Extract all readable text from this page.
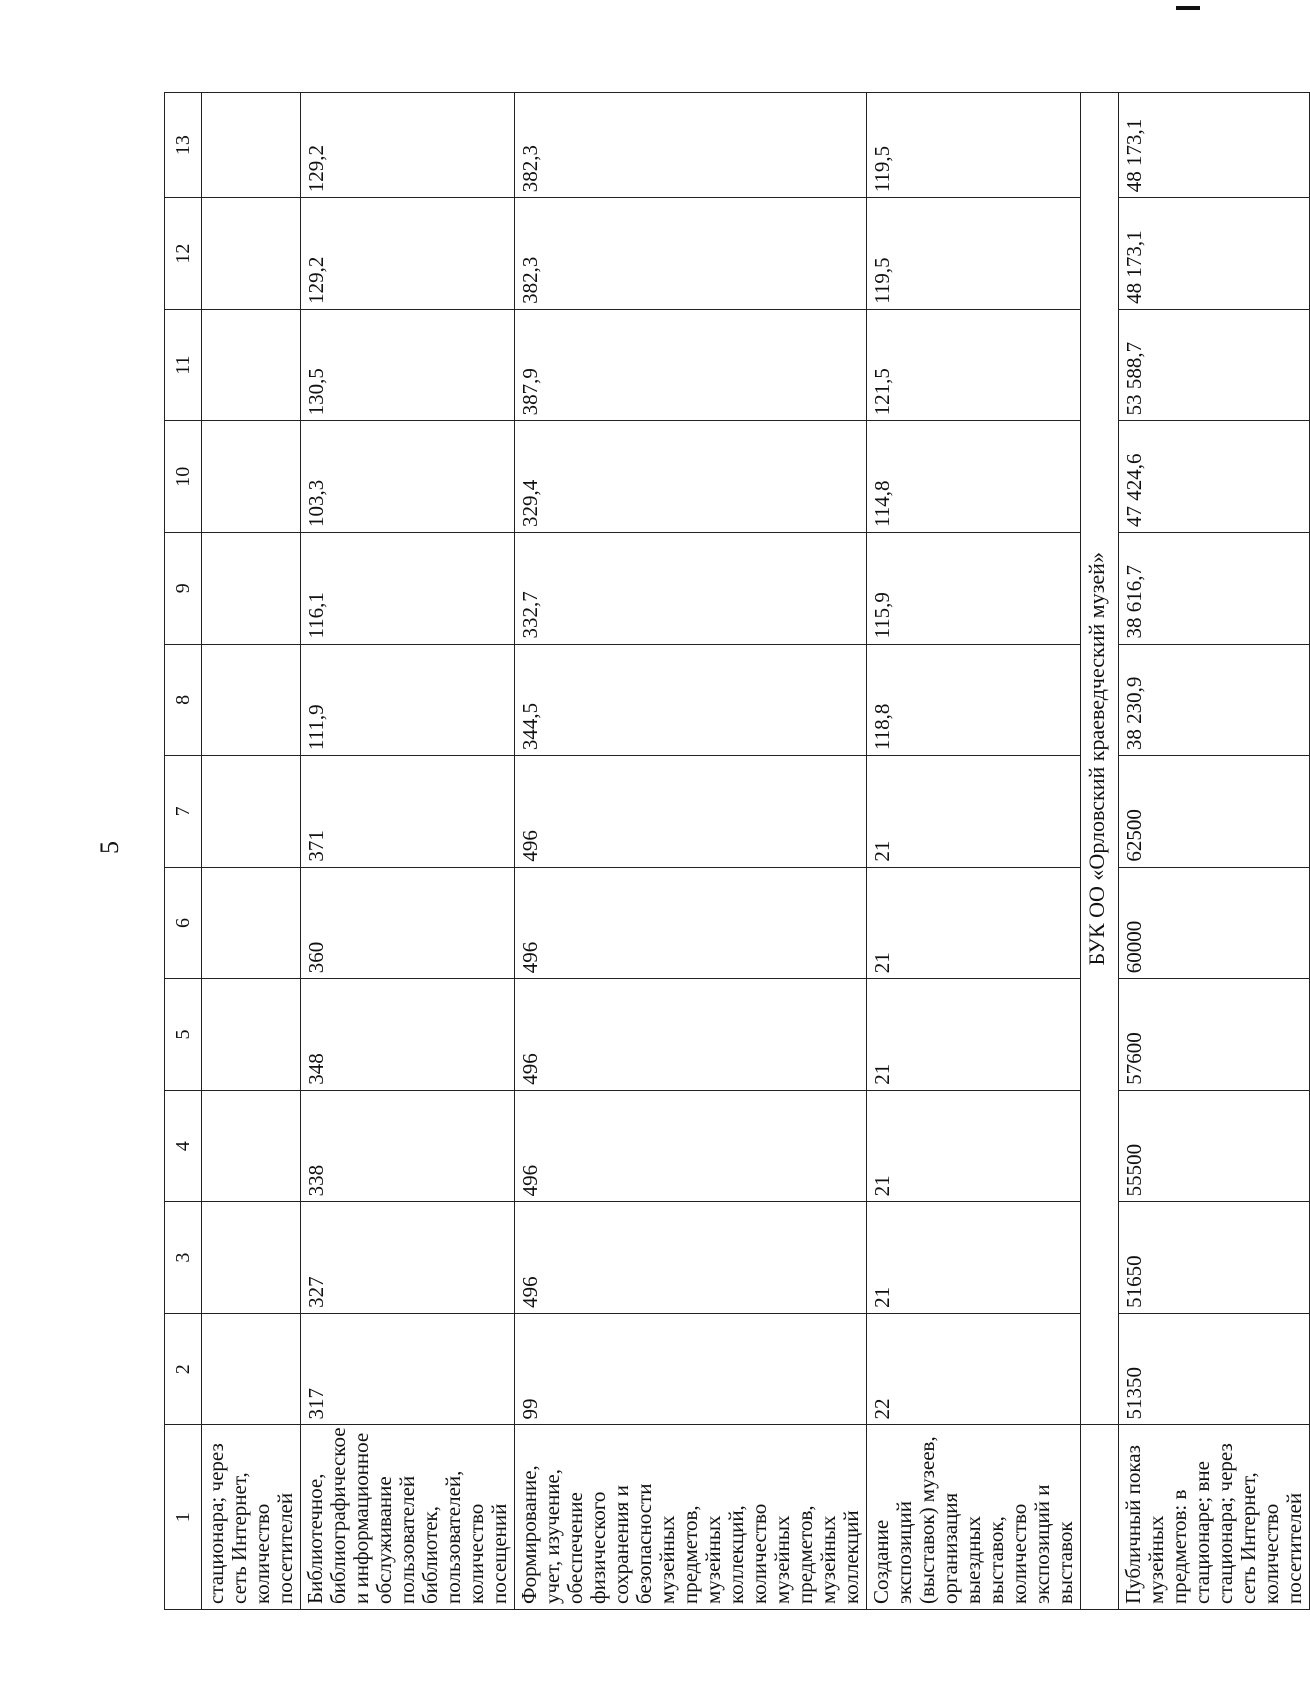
5
1	2	3	4	5	6	7	8	9	10	11	12	13
стационара; через сеть Интернет, количество посетителей												
Библиотечное, библиографическое и информационное обслуживание пользователей библиотек, пользователей, количество посещений	317	327	338	348	360	371	111,9	116,1	103,3	130,5	129,2	129,2
Формирование, учет, изучение, обеспечение физического сохранения и безопасности музейных предметов, музейных коллекций, количество музейных предметов, музейных коллекций	99	496	496	496	496	496	344,5	332,7	329,4	387,9	382,3	382,3
Создание экспозиций (выставок) музеев, организация выездных выставок, количество экспозиций и выставок	22	21	21	21	21	21	118,8	115,9	114,8	121,5	119,5	119,5
	БУК ОО «Орловский краеведческий музей»											
Публичный показ музейных предметов: в стационаре; вне стационара; через сеть Интернет, количество посетителей	51350	51650	55500	57600	60000	62500	38 230,9	38 616,7	47 424,6	53 588,7	48 173,1	48 173,1
